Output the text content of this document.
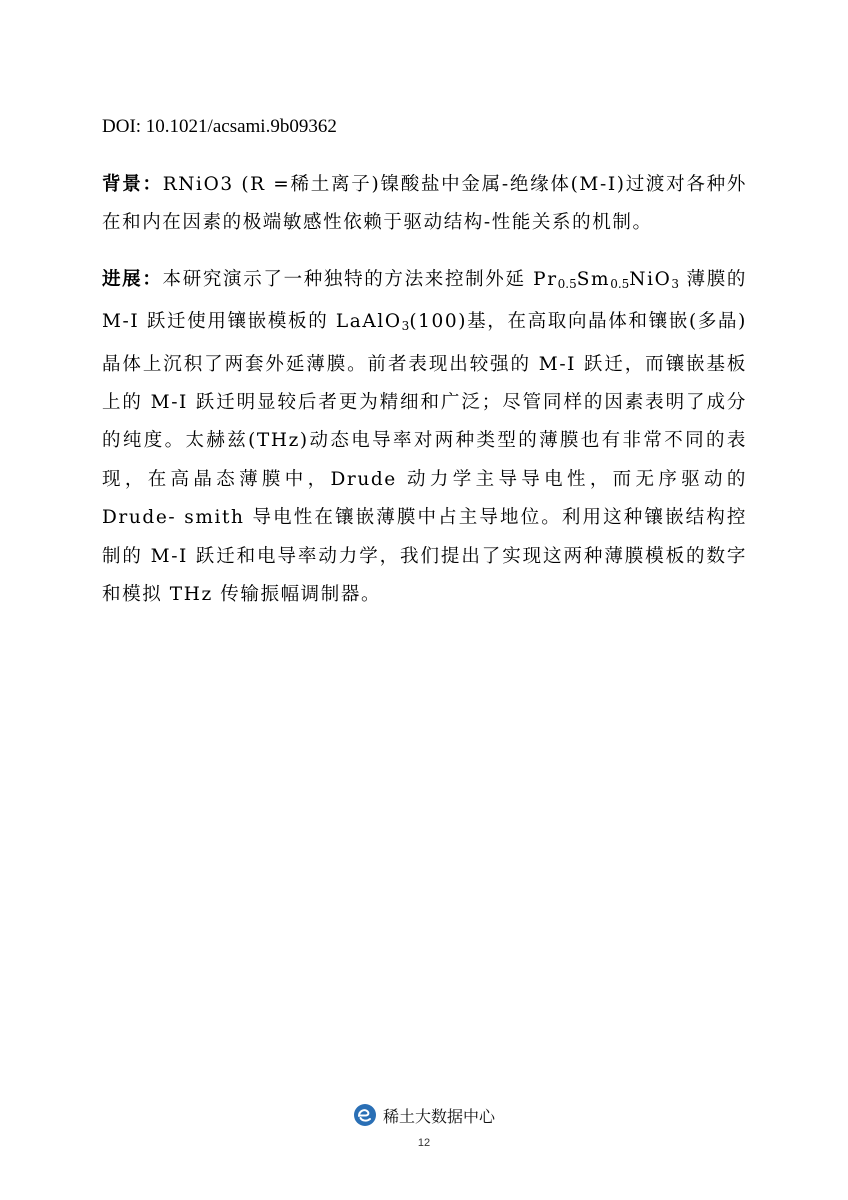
DOI: 10.1021/acsami.9b09362

背景：RNiO3 (R =稀土离子)镍酸盐中金属-绝缘体(M-I)过渡对各种外在和内在因素的极端敏感性依赖于驱动结构-性能关系的机制。

进展：本研究演示了一种独特的方法来控制外延 $Pr_{0.5}Sm_{0.5}NiO_3$ 薄膜的 M-I 跃迁使用镶嵌模板的 LaAlO$_3$(100)基，在高取向晶体和镶嵌(多晶)晶体上沉积了两套外延薄膜。前者表现出较强的 M-I 跃迁，而镶嵌基板上的 M-I 跃迁明显较后者更为精细和广泛；尽管同样的因素表明了成分的纯度。太赫兹(THz)动态电导率对两种类型的薄膜也有非常不同的表现，在高晶态薄膜中，Drude 动力学主导导电性，而无序驱动的 Drude- smith 导电性在镶嵌薄膜中占主导地位。利用这种镶嵌结构控制的 M-I 跃迁和电导率动力学，我们提出了实现这两种薄膜模板的数字和模拟 THz 传输振幅调制器。

稀土大数据中心
12
